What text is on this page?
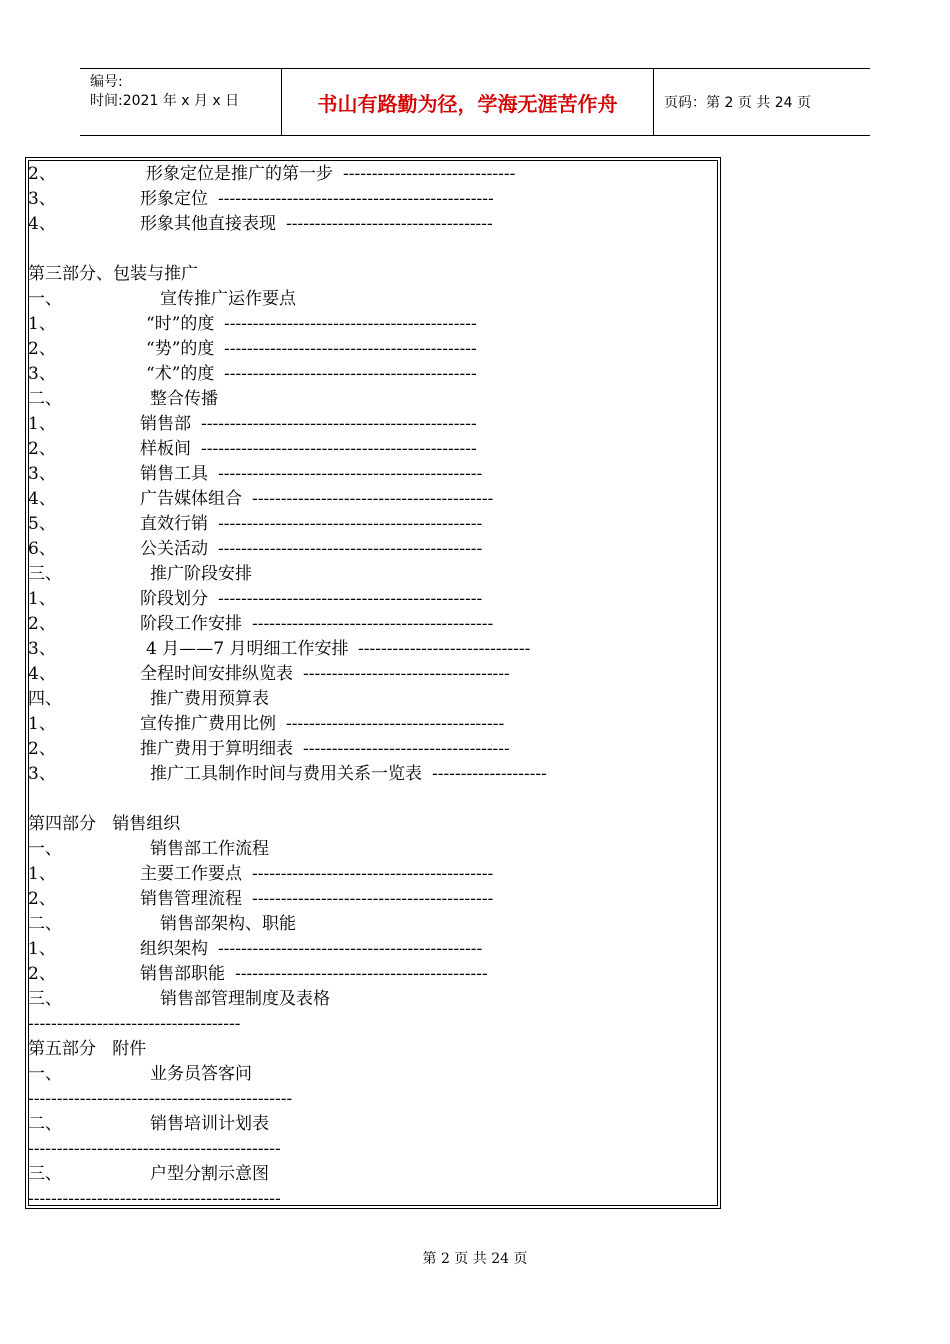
编号:
时间:2021 年 x 月 x 日	书山有路勤为径，学海无涯苦作舟	页码：第 2 页 共 24 页
2、	形象定位是推广的第一步 ------------------------------
3、	形象定位 ------------------------------------------------
4、	形象其他直接表现 ------------------------------------
第三部分、包装与推广
一、	宣传推广运作要点
1、	“时”的度 --------------------------------------------
2、	“势”的度 --------------------------------------------
3、	“术”的度 --------------------------------------------
二、	整合传播
1、	销售部 ------------------------------------------------
2、	样板间 ------------------------------------------------
3、	销售工具 ----------------------------------------------
4、	广告媒体组合 ------------------------------------------
5、	直效行销 ----------------------------------------------
6、	公关活动 ----------------------------------------------
三、	推广阶段安排
1、	阶段划分 ----------------------------------------------
2、	阶段工作安排 ------------------------------------------
3、	4 月——7 月明细工作安排 ------------------------------
4、	全程时间安排纵览表 ------------------------------------
四、	推广费用预算表
1、	宣传推广费用比例 --------------------------------------
2、	推广费用于算明细表 ------------------------------------
3、	推广工具制作时间与费用关系一览表 --------------------
第四部分   销售组织
一、	销售部工作流程
1、	主要工作要点 ------------------------------------------
2、	销售管理流程 ------------------------------------------
二、	销售部架构、职能
1、	组织架构 ----------------------------------------------
2、	销售部职能 --------------------------------------------
三、	销售部管理制度及表格
-------------------------------------
第五部分   附件
一、	业务员答客问
----------------------------------------------
二、	销售培训计划表
--------------------------------------------
三、	户型分割示意图
--------------------------------------------
第 2 页 共 24 页
